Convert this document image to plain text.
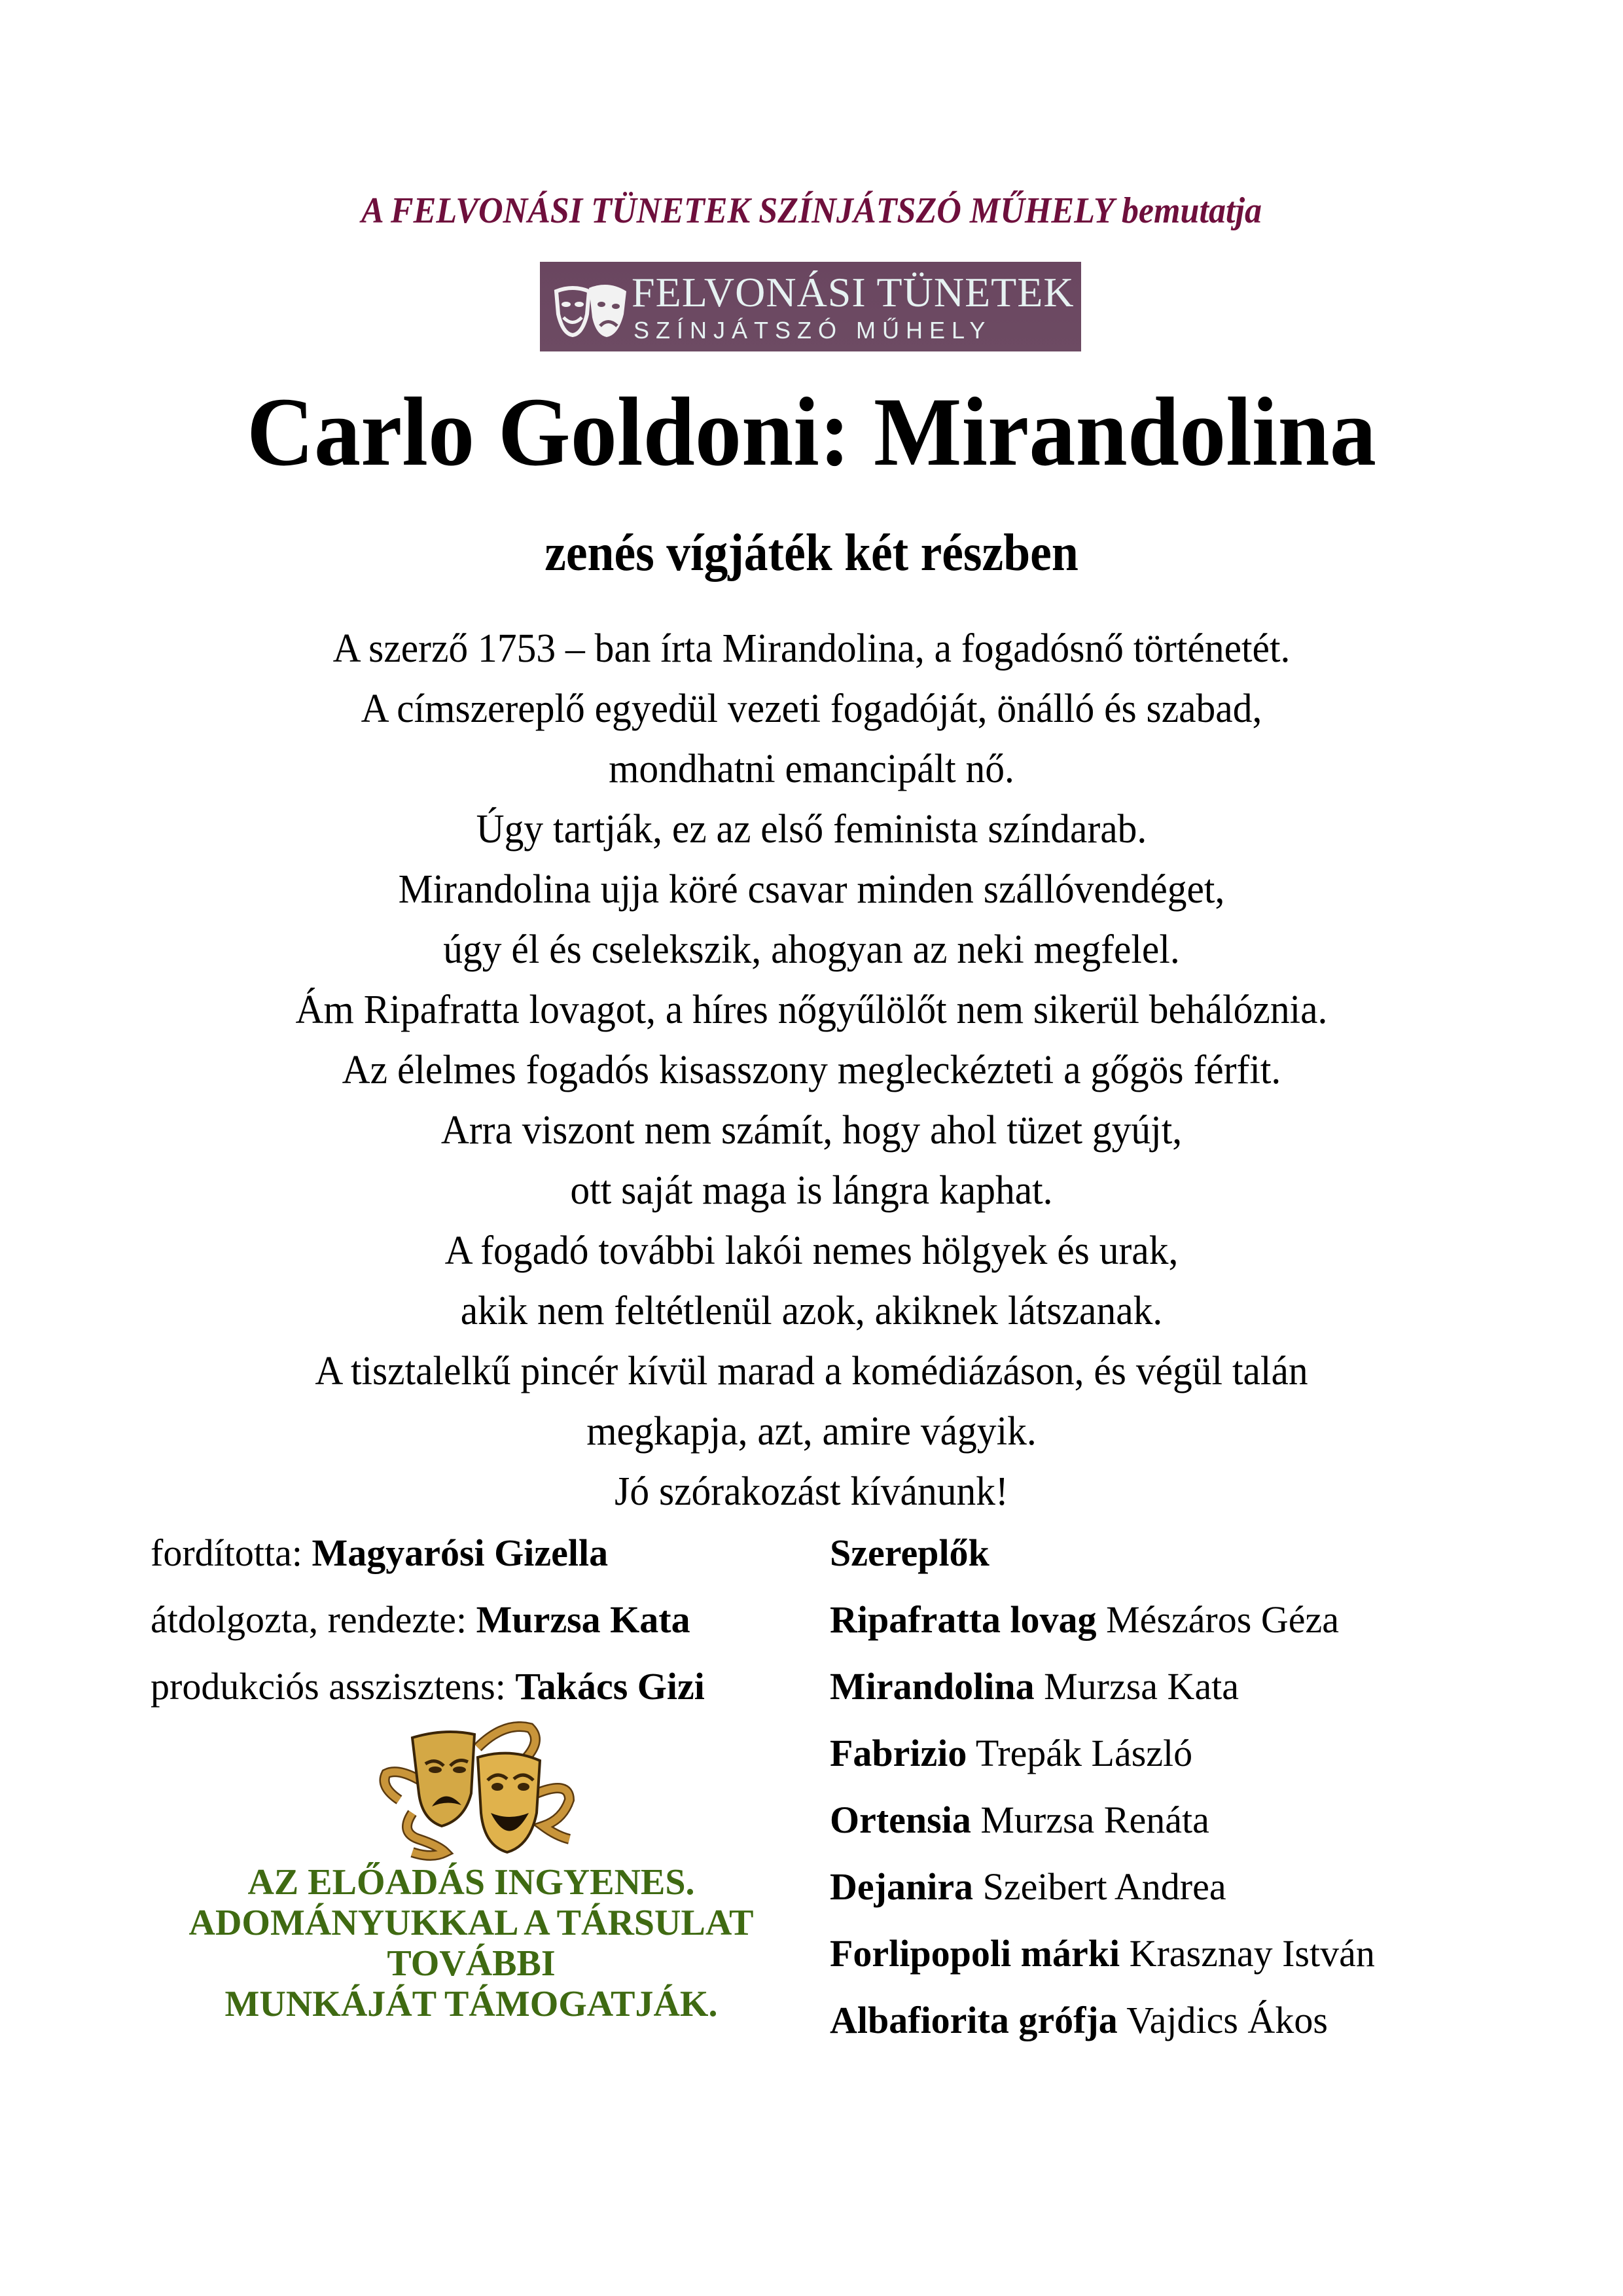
A FELVONÁSI TÜNETEK SZÍNJÁTSZÓ MŰHELY bemutatja
FELVONÁSI TÜNETEK
SZÍNJÁTSZÓ MŰHELY
Carlo Goldoni: Mirandolina
zenés vígjáték két részben
A szerző 1753 – ban írta Mirandolina, a fogadósnő történetét.
A címszereplő egyedül vezeti fogadóját, önálló és szabad,
mondhatni emancipált nő.
Úgy tartják, ez az első feminista színdarab.
Mirandolina ujja köré csavar minden szállóvendéget,
úgy él és cselekszik, ahogyan az neki megfelel.
Ám Ripafratta lovagot, a híres nőgyűlölőt nem sikerül behálóznia.
Az élelmes fogadós kisasszony megleckézteti a gőgös férfit.
Arra viszont nem számít, hogy ahol tüzet gyújt,
ott saját maga is lángra kaphat.
A fogadó további lakói nemes hölgyek és urak,
akik nem feltétlenül azok, akiknek látszanak.
A tisztalelkű pincér kívül marad a komédiázáson, és végül talán
megkapja, azt, amire vágyik.
Jó szórakozást kívánunk!
fordította: Magyarósi Gizella
átdolgozta, rendezte: Murzsa Kata
produkciós asszisztens: Takács Gizi
Szereplők
Ripafratta lovag Mészáros Géza
Mirandolina Murzsa Kata
Fabrizio Trepák László
Ortensia Murzsa Renáta
Dejanira Szeibert Andrea
Forlipopoli márki Krasznay István
Albafiorita grófja Vajdics Ákos
AZ ELŐADÁS INGYENES.
ADOMÁNYUKKAL A TÁRSULAT
TOVÁBBI
MUNKÁJÁT TÁMOGATJÁK.
